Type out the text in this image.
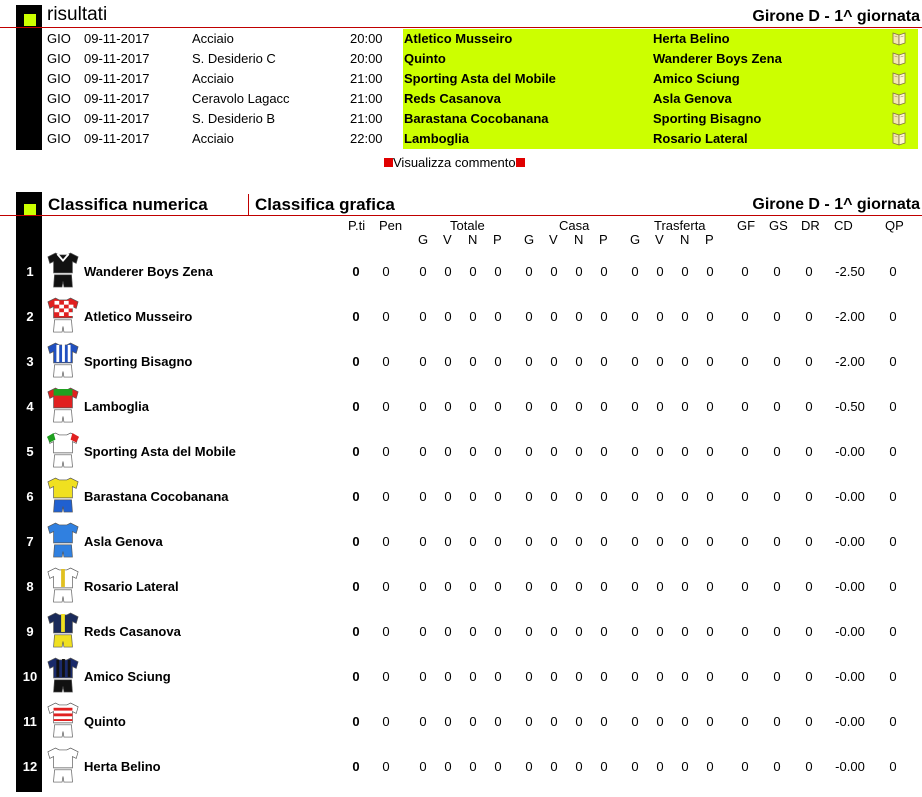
risultati	Girone D - 1^ giornata
GIO 09-11-2017	Acciaio	20:00 Atletico Musseiro	Herta Belino
GIO 09-11-2017	S. Desiderio C	20:00 Quinto	Wanderer Boys Zena
GIO 09-11-2017	Acciaio	21:00 Sporting Asta del Mobile	Amico Sciung
GIO 09-11-2017	Ceravolo Lagacc	21:00 Reds Casanova	Asla Genova
GIO 09-11-2017	S. Desiderio B	21:00 Barastana Cocobanana	Sporting Bisagno
GIO 09-11-2017	Acciaio	22:00 Lamboglia	Rosario Lateral
Visualizza commento
Classifica numerica	Classifica grafica	Girone D - 1^ giornata
P.ti Pen	Totale	Casa	Trasferta GF GS DR CD QP
G V N P G V N P G V N P
1	Wanderer Boys Zena	0	0	0	0	0	0	0	0	0	0	0	0	0	0	0	0	0	-2.50	0
2	Atletico Musseiro	0	0	0	0	0	0	0	0	0	0	0	0	0	0	0	0	0	-2.00	0
3	Sporting Bisagno	0	0	0	0	0	0	0	0	0	0	0	0	0	0	0	0	0	-2.00	0
4	Lamboglia	0	0	0	0	0	0	0	0	0	0	0	0	0	0	0	0	0	-0.50	0
5	Sporting Asta del Mobile	0	0	0	0	0	0	0	0	0	0	0	0	0	0	0	0	0	-0.00	0
6	Barastana Cocobanana	0	0	0	0	0	0	0	0	0	0	0	0	0	0	0	0	0	-0.00	0
7	Asla Genova	0	0	0	0	0	0	0	0	0	0	0	0	0	0	0	0	0	-0.00	0
8	Rosario Lateral	0	0	0	0	0	0	0	0	0	0	0	0	0	0	0	0	0	-0.00	0
9	Reds Casanova	0	0	0	0	0	0	0	0	0	0	0	0	0	0	0	0	0	-0.00	0
10	Amico Sciung	0	0	0	0	0	0	0	0	0	0	0	0	0	0	0	0	0	-0.00	0
11	Quinto	0	0	0	0	0	0	0	0	0	0	0	0	0	0	0	0	0	-0.00	0
12	Herta Belino	0	0	0	0	0	0	0	0	0	0	0	0	0	0	0	0	0	-0.00	0
